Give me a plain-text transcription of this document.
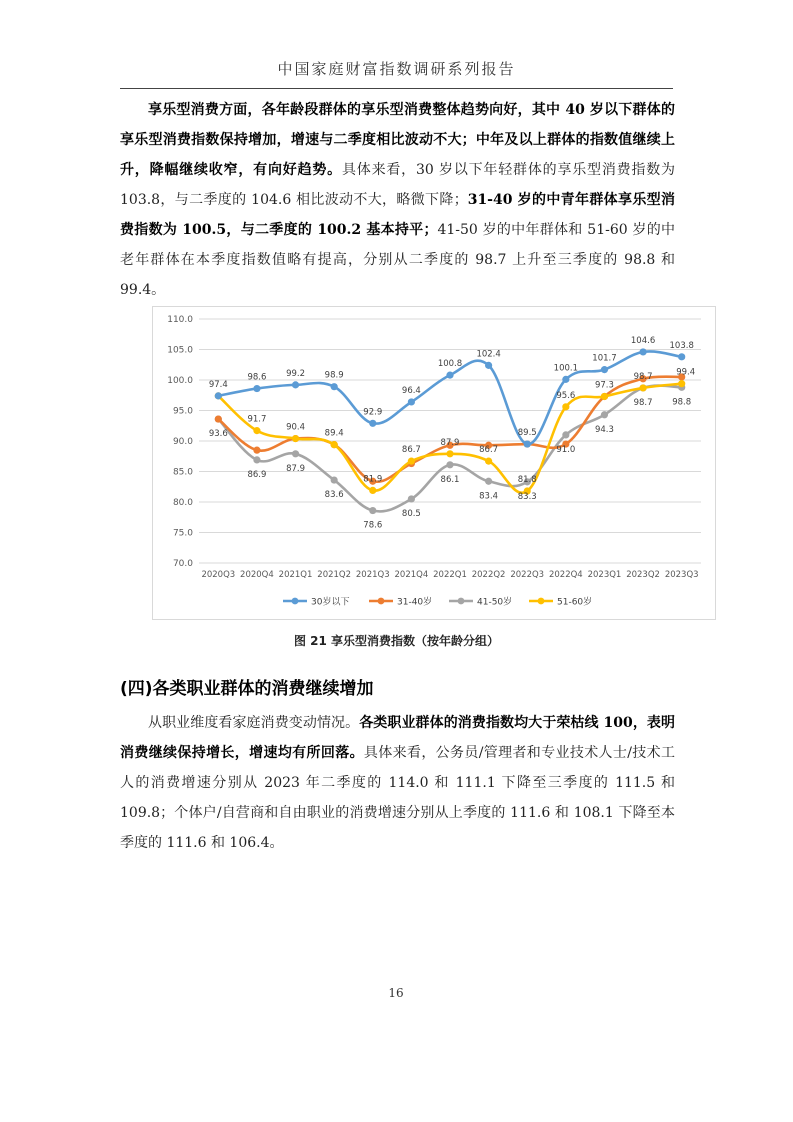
中国家庭财富指数调研系列报告

享乐型消费方面，各年龄段群体的享乐型消费整体趋势向好，其中 40 岁以下群体的享乐型消费指数保持增加，增速与二季度相比波动不大；中年及以上群体的指数值继续上升，降幅继续收窄，有向好趋势。具体来看，30 岁以下年轻群体的享乐型消费指数为 103.8，与二季度的 104.6 相比波动不大，略微下降；31-40 岁的中青年群体享乐型消费指数为 100.5，与二季度的 100.2 基本持平；41-50 岁的中年群体和 51-60 岁的中老年群体在本季度指数值略有提高，分别从二季度的 98.7 上升至三季度的 98.8 和 99.4。

110.0
105.0
100.0
95.0
90.0
85.0
80.0
75.0
70.0
2020Q3 2020Q4 2021Q1 2021Q2 2021Q3 2021Q4 2022Q1 2022Q2 2022Q3 2022Q4 2023Q1 2023Q2 2023Q3
97.4
98.6 99.2 98.9
92.9
96.4
100.8
102.4
89.5
100.1
101.7
104.6 103.8
93.6
86.9
87.9
83.6
78.6
80.5
86.1
83.4 83.3
91.0
94.3
98.7 98.8
91.7
90.4
89.4
81.9
86.7
87.9
86.7
81.8
95.6
97.3
98.7	99.4
30岁以下	31-40岁	41-50岁	51-60岁
图 21 享乐型消费指数（按年龄分组）
(四)各类职业群体的消费继续增加

从职业维度看家庭消费变动情况。各类职业群体的消费指数均大于荣枯线 100，表明消费继续保持增长，增速均有所回落。具体来看，公务员/管理者和专业技术人士/技术工人的消费增速分别从 2023 年二季度的 114.0 和 111.1 下降至三季度的 111.5 和 109.8；个体户/自营商和自由职业的消费增速分别从上季度的 111.6 和 108.1 下降至本季度的 111.6 和 106.4。

16
